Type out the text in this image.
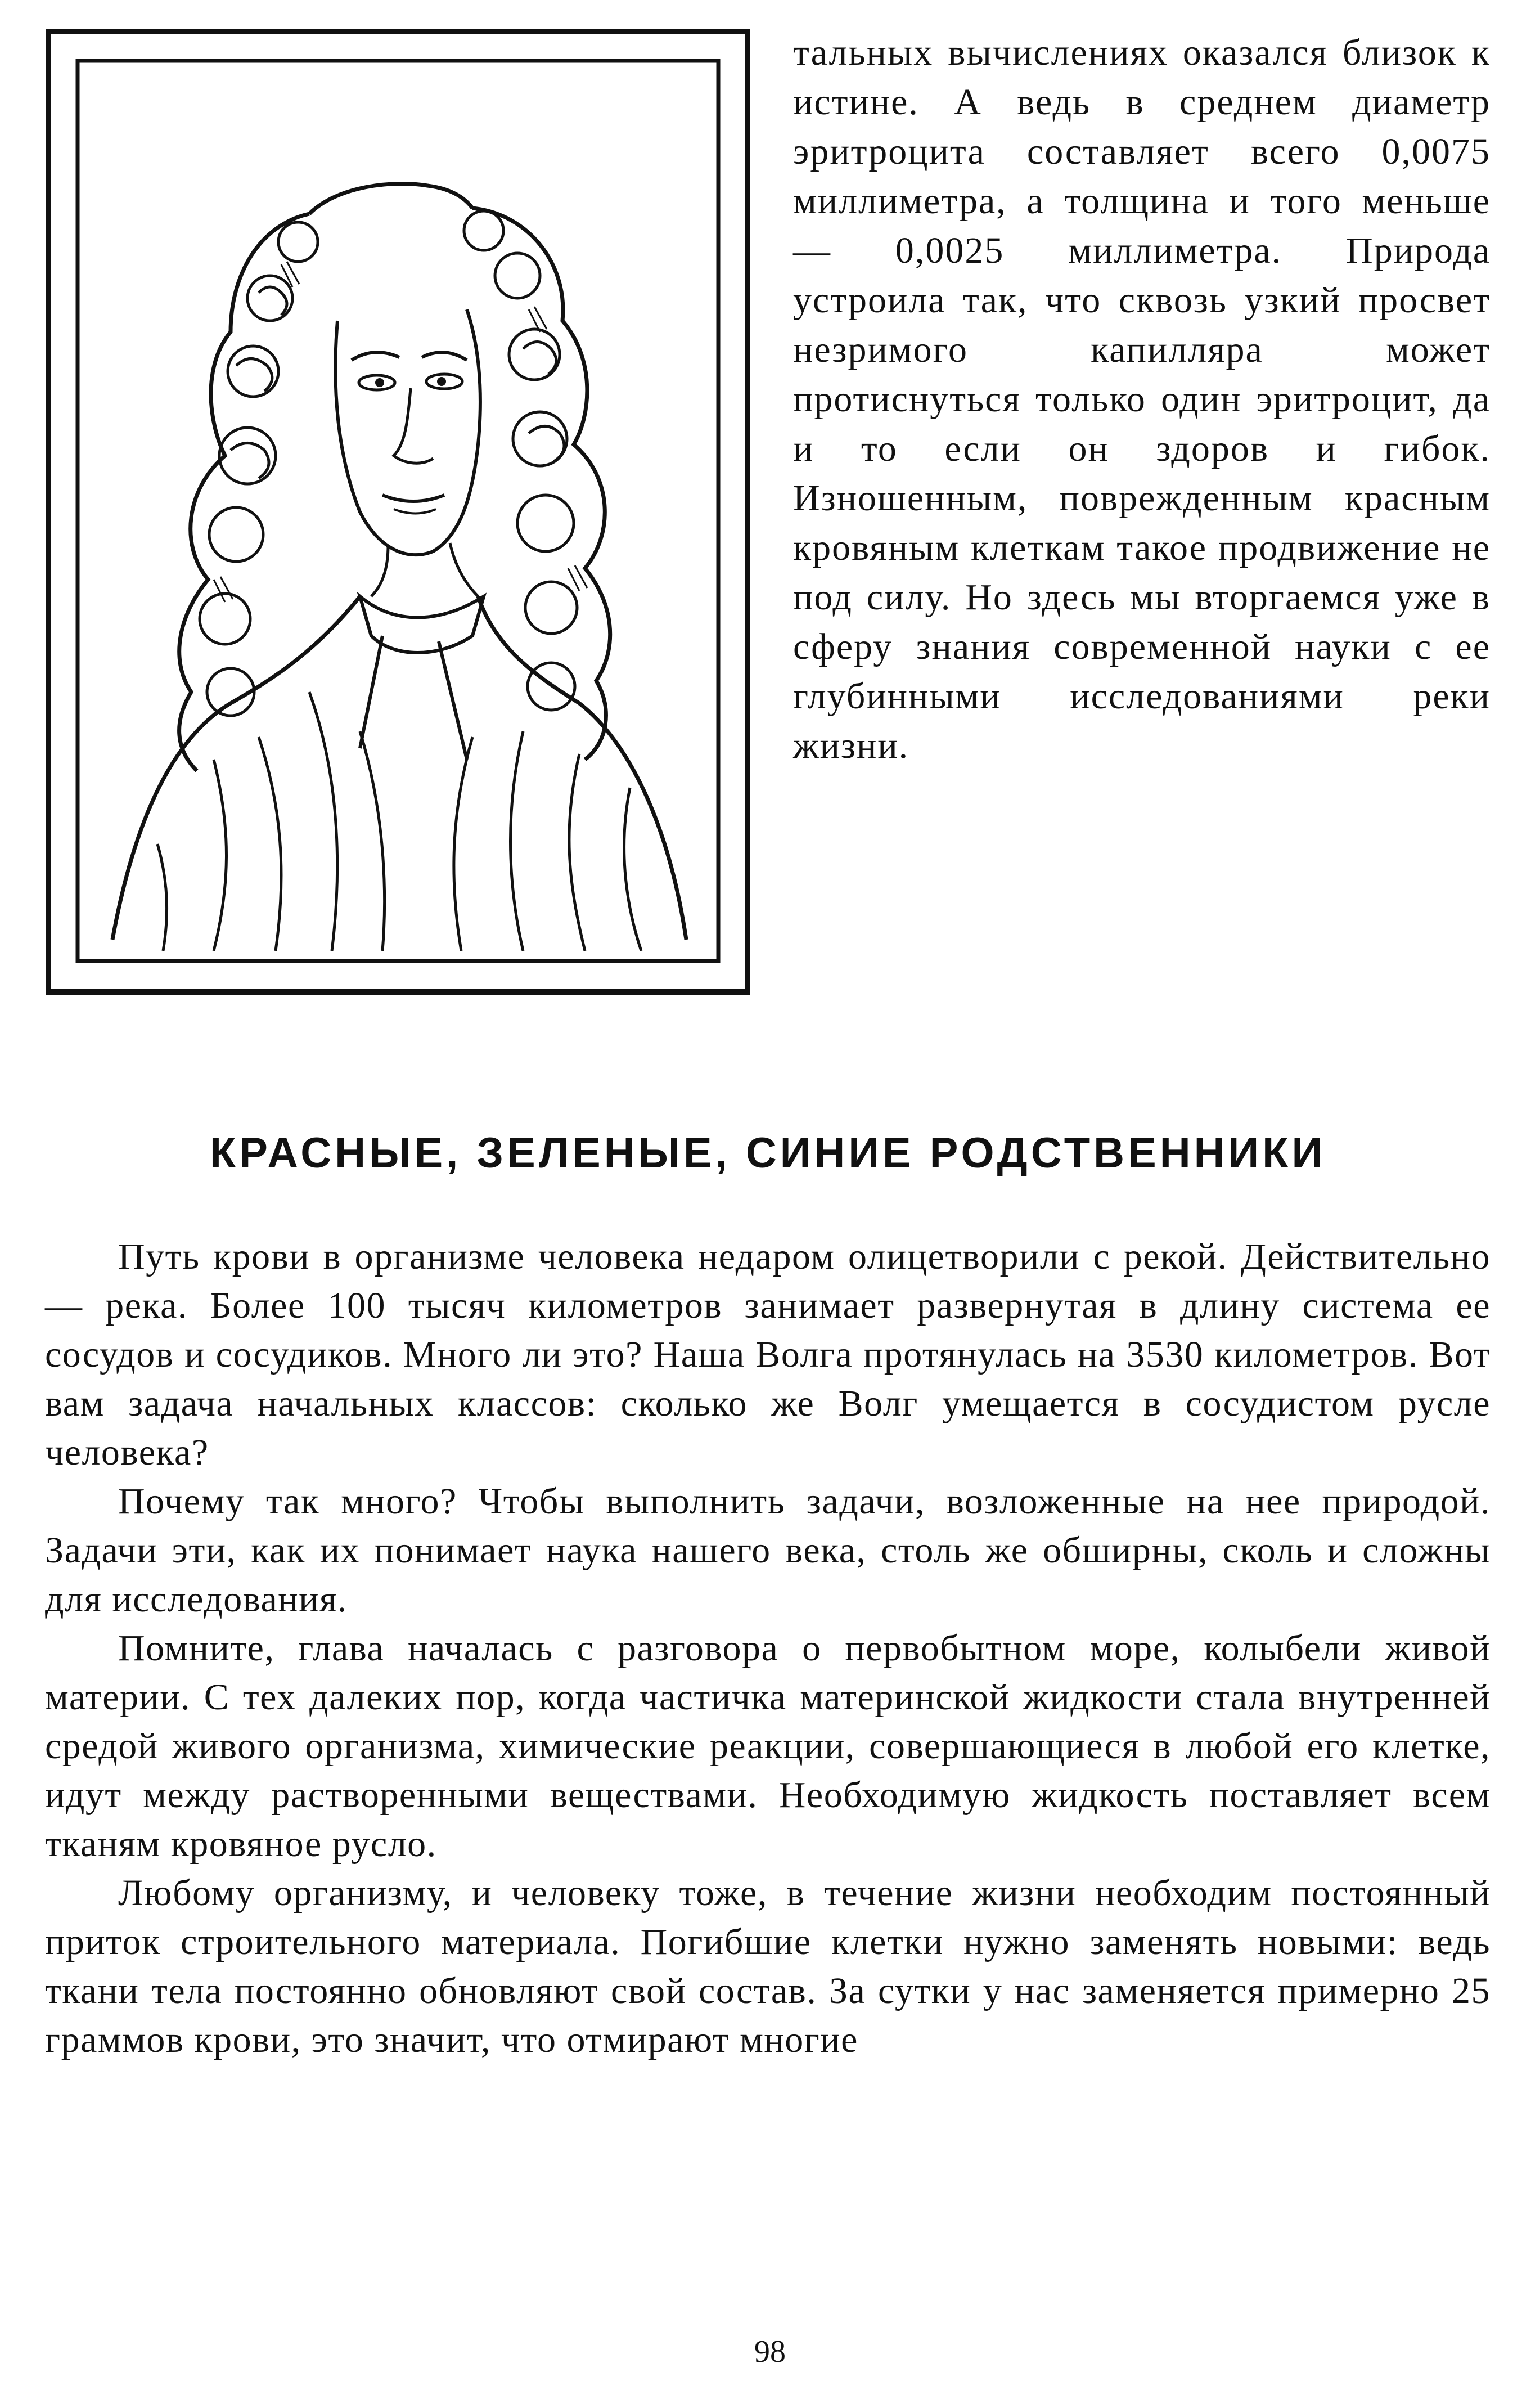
тальных вычислениях оказался близок к истине. А ведь в среднем диаметр эритроцита составляет всего 0,0075 миллиметра, а толщина и того меньше — 0,0025 миллиметра. Природа устроила так, что сквозь узкий просвет незримого капилляра может протиснуться только один эритроцит, да и то если он здоров и гибок. Изношенным, поврежденным красным кровяным клеткам такое продвижение не под силу. Но здесь мы вторгаемся уже в сферу знания современной науки с ее глубинными исследованиями реки жизни.

КРАСНЫЕ, ЗЕЛЕНЫЕ, СИНИЕ РОДСТВЕННИКИ

Путь крови в организме человека недаром олицетворили с рекой. Действительно — река. Более 100 тысяч километров занимает развернутая в длину система ее сосудов и сосудиков. Много ли это? Наша Волга протянулась на 3530 километров. Вот вам задача начальных классов: сколько же Волг умещается в сосудистом русле человека?

Почему так много? Чтобы выполнить задачи, возложенные на нее природой. Задачи эти, как их понимает наука нашего века, столь же обширны, сколь и сложны для исследования.

Помните, глава началась с разговора о первобытном море, колыбели живой материи. С тех далеких пор, когда частичка материнской жидкости стала внутренней средой живого организма, химические реакции, совершающиеся в любой его клетке, идут между растворенными веществами. Необходимую жидкость поставляет всем тканям кровяное русло.

Любому организму, и человеку тоже, в течение жизни необходим постоянный приток строительного материала. Погибшие клетки нужно заменять новыми: ведь ткани тела постоянно обновляют свой состав. За сутки у нас заменяется примерно 25 граммов крови, это значит, что отмирают многие

98
